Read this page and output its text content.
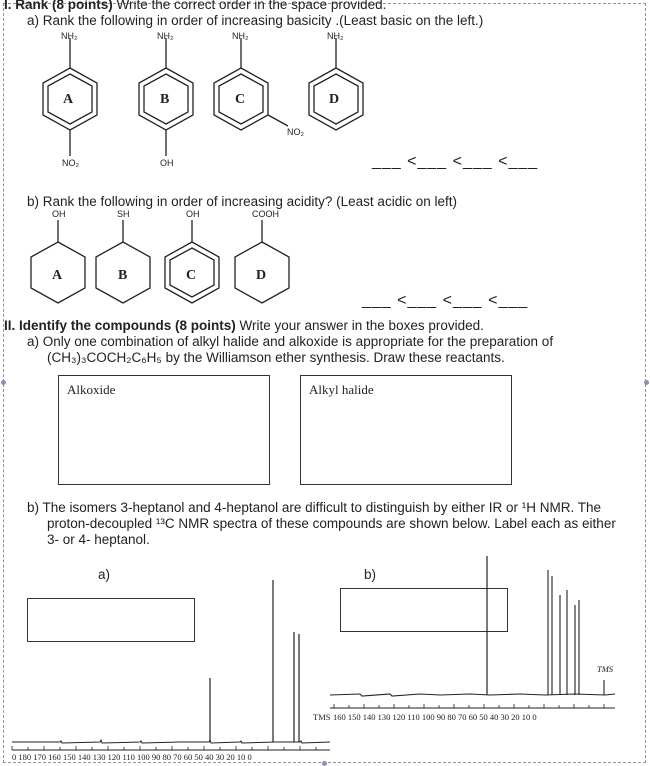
I. Rank (8 points) Write the correct order in the space provided.
a) Rank the following in order of increasing basicity .(Least basic on the left.)
NH₂	NH₂	NH₂	NH₂
A	B	C	D
NO₂	OH
NO₂
___ <___ <___ <___
b) Rank the following in order of increasing acidity? (Least acidic on left)
OH	SH	OH	COOH
A	B	C	D
___ <___ <___ <___
II. Identify the compounds (8 points) Write your answer in the boxes provided.
a) Only one combination of alkyl halide and alkoxide is appropriate for the preparation of
(CH₃)₃COCH₂C₆H₅ by the Williamson ether synthesis. Draw these reactants.
Alkoxide	Alkyl halide
b) The isomers 3-heptanol and 4-heptanol are difficult to distinguish by either IR or ¹H NMR. The
proton-decoupled ¹³C NMR spectra of these compounds are shown below. Label each as either
3- or 4- heptanol.
a)	b)
0 180 170 160 150 140 130 120 110 100 90 80 70 60 50 40 30 20 10 0
TMS
TMS 160 150 140 130 120 110 100 90 80 70 60 50 40 30 20 10 0
